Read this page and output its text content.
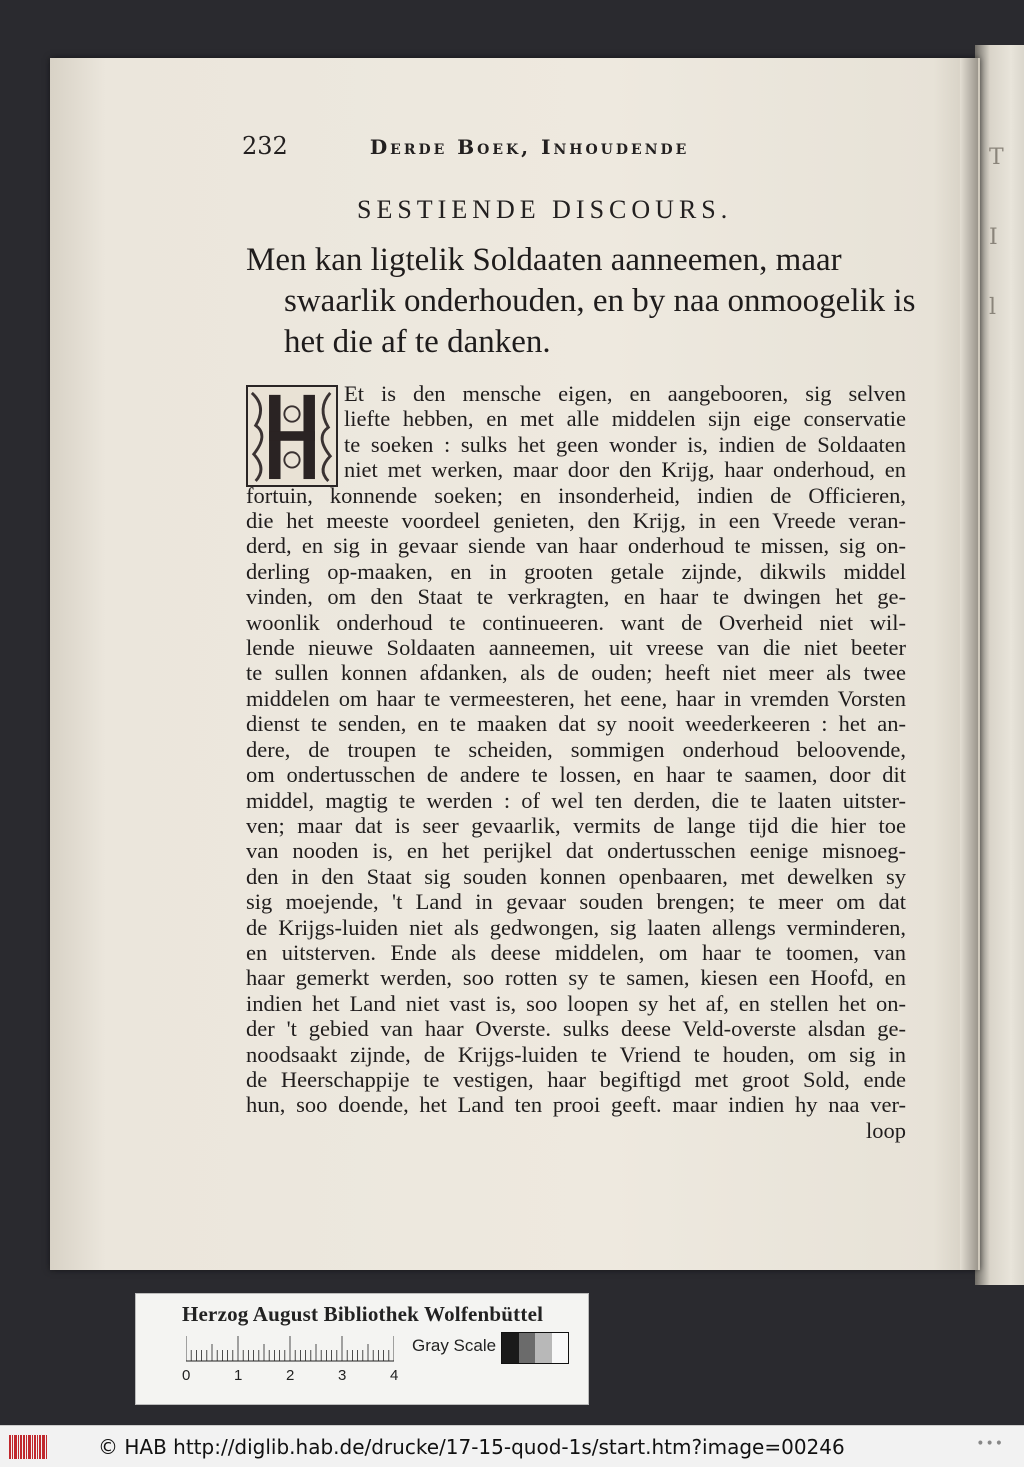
T
I
l
232	Derde Boek, Inhoudende
SESTIENDE DISCOURS.
Men kan ligtelik Soldaaten aanneemen, maar
swaarlik onderhouden, en by naa onmoogelik is
het die af te danken.
Et is den mensche eigen, en aangebooren, sig selven
liefte hebben, en met alle middelen sijn eige conservatie
te soeken : sulks het geen wonder is, indien de Soldaaten
niet met werken, maar door den Krijg, haar onderhoud, en
fortuin, konnende soeken; en insonderheid, indien de Officieren,
die het meeste voordeel genieten, den Krijg, in een Vreede veran-
derd, en sig in gevaar siende van haar onderhoud te missen, sig on-
derling op-maaken, en in grooten getale zijnde, dikwils middel
vinden, om den Staat te verkragten, en haar te dwingen het ge-
woonlik onderhoud te continueeren. want de Overheid niet wil-
lende nieuwe Soldaaten aanneemen, uit vreese van die niet beeter
te sullen konnen afdanken, als de ouden; heeft niet meer als twee
middelen om haar te vermeesteren, het eene, haar in vremden Vorsten
dienst te senden, en te maaken dat sy nooit weederkeeren : het an-
dere, de troupen te scheiden, sommigen onderhoud beloovende,
om ondertusschen de andere te lossen, en haar te saamen, door dit
middel, magtig te werden : of wel ten derden, die te laaten uitster-
ven; maar dat is seer gevaarlik, vermits de lange tijd die hier toe
van nooden is, en het perijkel dat ondertusschen eenige misnoeg-
den in den Staat sig souden konnen openbaaren, met dewelken sy
sig moejende, 't Land in gevaar souden brengen; te meer om dat
de Krijgs-luiden niet als gedwongen, sig laaten allengs verminderen,
en uitsterven. Ende als deese middelen, om haar te toomen, van
haar gemerkt werden, soo rotten sy te samen, kiesen een Hoofd, en
indien het Land niet vast is, soo loopen sy het af, en stellen het on-
der 't gebied van haar Overste. sulks deese Veld-overste alsdan ge-
noodsaakt zijnde, de Krijgs-luiden te Vriend te houden, om sig in
de Heerschappije te vestigen, haar begiftigd met groot Sold, ende
hun, soo doende, het Land ten prooi geeft. maar indien hy naa ver-
loop
Herzog August Bibliothek Wolfenbüttel
0	1	2	3	4
Gray Scale
© HAB http://diglib.hab.de/drucke/17-15-quod-1s/start.htm?image=00246	•••
